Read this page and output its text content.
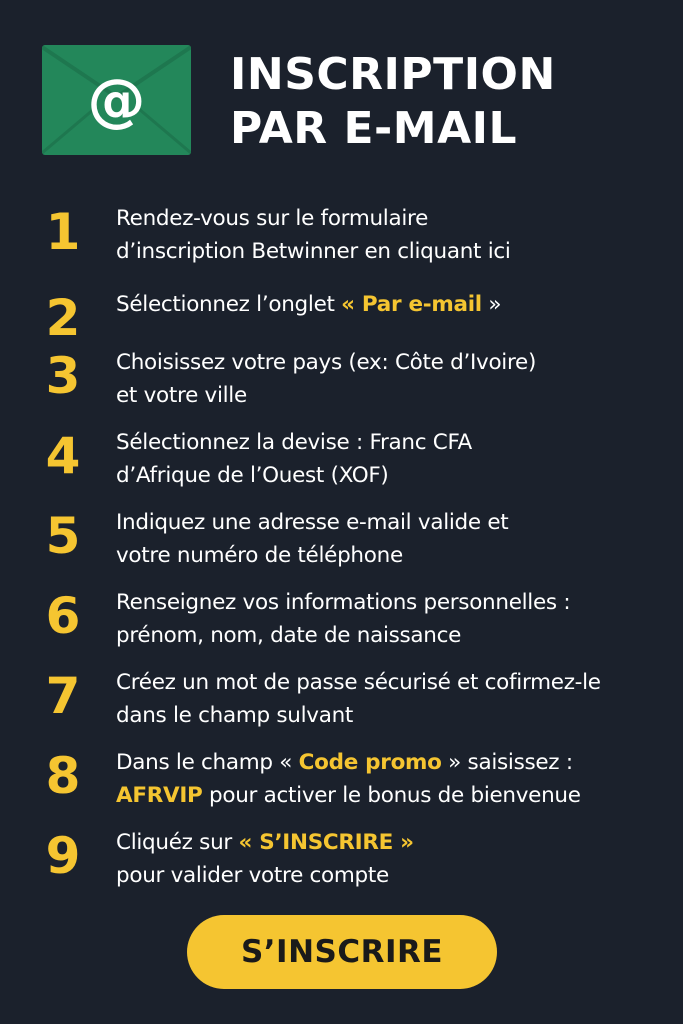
@	INSCRIPTION
PAR E-MAIL
1 Rendez-vous sur le formulaire
d’inscription Betwinner en cliquant ici
2 Sélectionnez l’onglet « Par e-mail »
3 Choisissez votre pays (ex: Côte d’Ivoire)
et votre ville
4 Sélectionnez la devise : Franc CFA
d’Afrique de l’Ouest (XOF)
5 Indiquez une adresse e-mail valide et
votre numéro de téléphone
6 Renseignez vos informations personnelles :
prénom, nom, date de naissance
7 Créez un mot de passe sécurisé et cofirmez-le
dans le champ sulvant
8 Dans le champ « Code promo » saisissez :
AFRVIP pour activer le bonus de bienvenue
9 Cliquéz sur « S’INSCRIRE »
pour valider votre compte
S’INSCRIRE
